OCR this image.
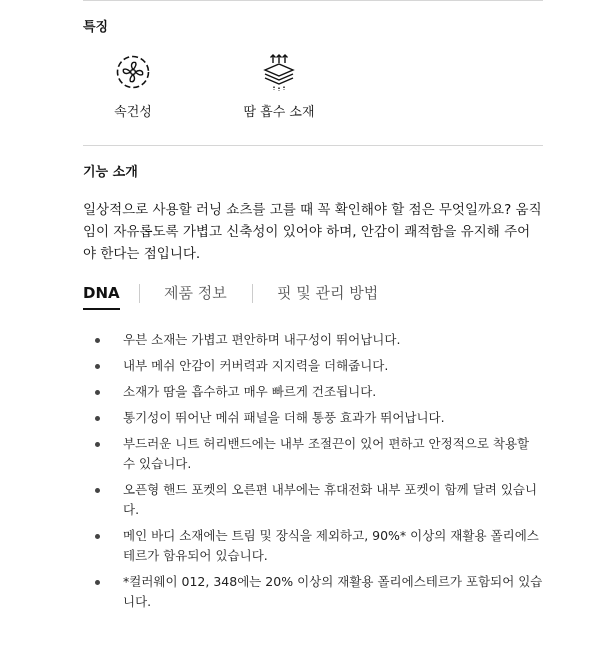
특징
속건성	땀 흡수 소재
기능 소개

일상적으로 사용할 러닝 쇼츠를 고를 때 꼭 확인해야 할 점은 무엇일까요? 움직임이 자유롭도록 가볍고 신축성이 있어야 하며, 안감이 쾌적함을 유지해 주어야 한다는 점입니다.

DNA	제품 정보	핏 및 관리 방법
우븐 소재는 가볍고 편안하며 내구성이 뛰어납니다.
내부 메쉬 안감이 커버력과 지지력을 더해줍니다.
소재가 땀을 흡수하고 매우 빠르게 건조됩니다.
통기성이 뛰어난 메쉬 패널을 더해 통풍 효과가 뛰어납니다.
부드러운 니트 허리밴드에는 내부 조절끈이 있어 편하고 안정적으로 착용할 수 있습니다.
오픈형 핸드 포켓의 오른편 내부에는 휴대전화 내부 포켓이 함께 달려 있습니다.
메인 바디 소재에는 트림 및 장식을 제외하고, 90%* 이상의 재활용 폴리에스테르가 함유되어 있습니다.
*컬러웨이 012, 348에는 20% 이상의 재활용 폴리에스테르가 포함되어 있습니다.
